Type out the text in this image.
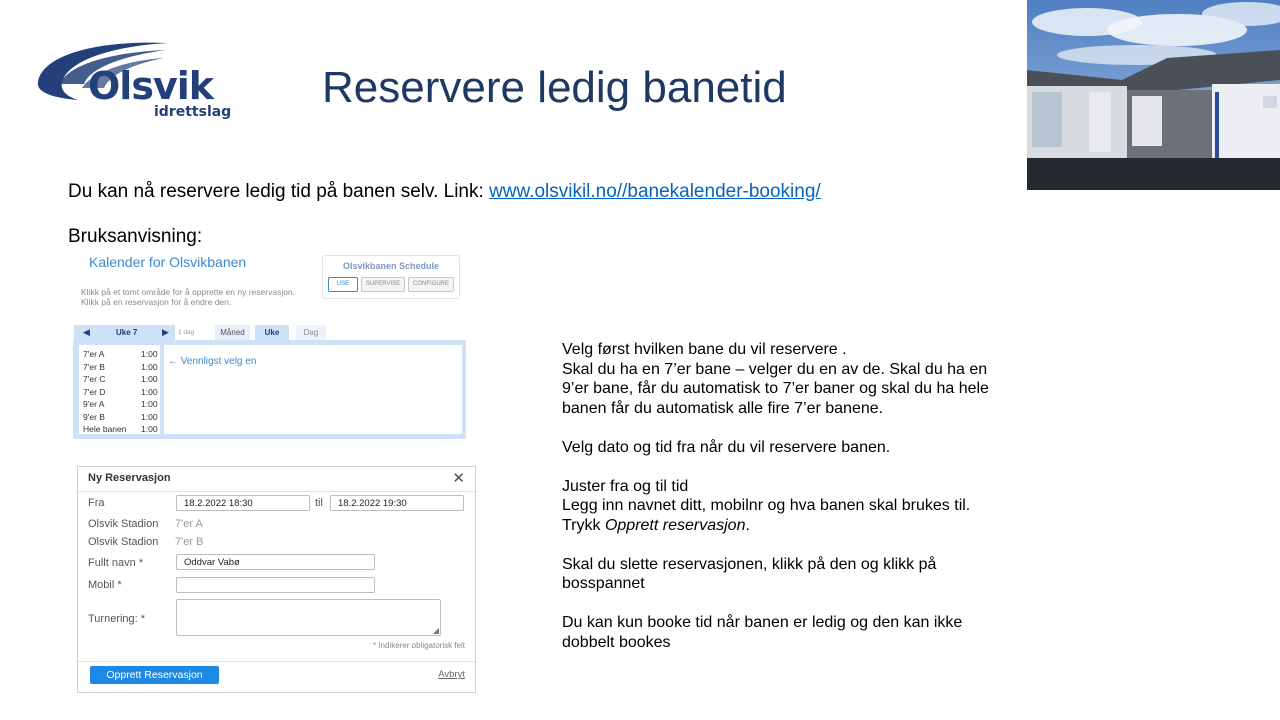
Olsvik
idrettslag Reservere ledig banetid
Du kan nå reservere ledig tid på banen selv. Link: www.olsvikil.no//banekalender-booking/
Bruksanvisning:
Kalender for Olsvikbanen
Klikk på et tomt område for å opprette en ny reservasjon.
Klikk på en reservasjon for å endre den.
Olsvikbanen Schedule
USE	SUPERVISE	CONFIGURE
◀	Uke 7	▶ 1 dag	Måned	Uke	Dag
7'er A	1:00
7'er B	1:00
7'er C	1:00
7'er D	1:00
9'er A	1:00
9'er B	1:00
Hele banen 1:00
← Vennligst velg en
Ny Reservasjon	✕
Fra	18.2.2022 18:30	til	18.2.2022 19:30
Olsvik Stadion 7'er A
Olsvik Stadion 7'er B
Fullt navn *	Oddvar Vabø
Mobil *
Turnering: *
◢
* Indikerer obligatorisk felt
Opprett Reservasjon	Avbryt

Velg først hvilken bane du vil reservere .
Skal du ha en 7’er bane – velger du en av de. Skal du ha en
9’er bane, får du automatisk to 7’er baner og skal du ha hele
banen får du automatisk alle fire 7’er banene.

Velg dato og tid fra når du vil reservere banen.

Juster fra og til tid
Legg inn navnet ditt, mobilnr og hva banen skal brukes til.
Trykk Opprett reservasjon.

Skal du slette reservasjonen, klikk på den og klikk på
bosspannet

Du kan kun booke tid når banen er ledig og den kan ikke
dobbelt bookes
